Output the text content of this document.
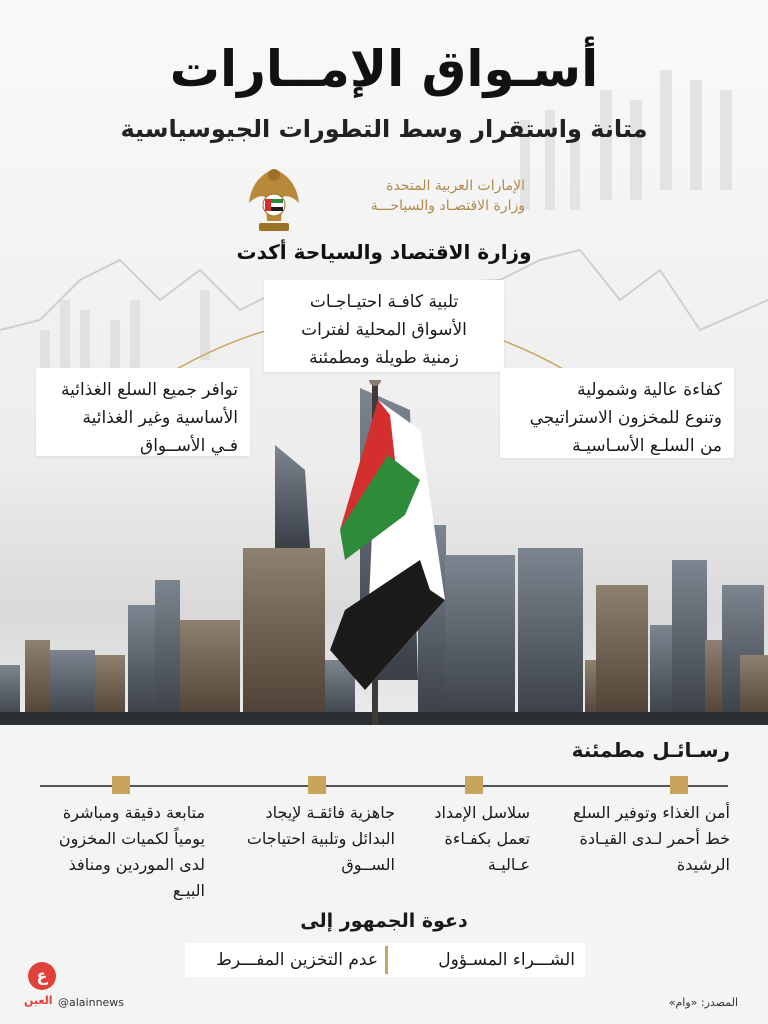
أسـواق الإمــارات
متانة واستقرار وسط التطورات الجيوسياسية
الإمارات العربية المتحدة
وزارة الاقتصـاد والسياحـــة
وزارة الاقتصاد والسياحة أكدت
تلبية كافـة احتيـاجـات
الأسواق المحلية لفترات
زمنية طويلة ومطمئنة
توافر جميع السلع الغذائية
الأساسية وغير الغذائية
فـي الأســواق
كفاءة عالية وشمولية
وتنوع للمخزون الاستراتيجي
من السلـع الأسـاسيـة
رسـائـل مطمئنة
أمن الغذاء وتوفير السلع
خط أحمر لـدى القيـادة
الرشيدة
سلاسل الإمداد
تعمل بكفـاءة
عـاليـة
جاهزية فائقـة لإيجاد
البدائل وتلبية احتياجات
الســوق
متابعة دقيقة ومباشرة
يومياً لكميات المخزون
لدى الموردين ومنافذ
البيـع
دعوة الجمهور إلى
الشـــراء المسـؤول
عدم التخزين المفـــرط
ع
العين @alainnews	المصدر: «وام»
